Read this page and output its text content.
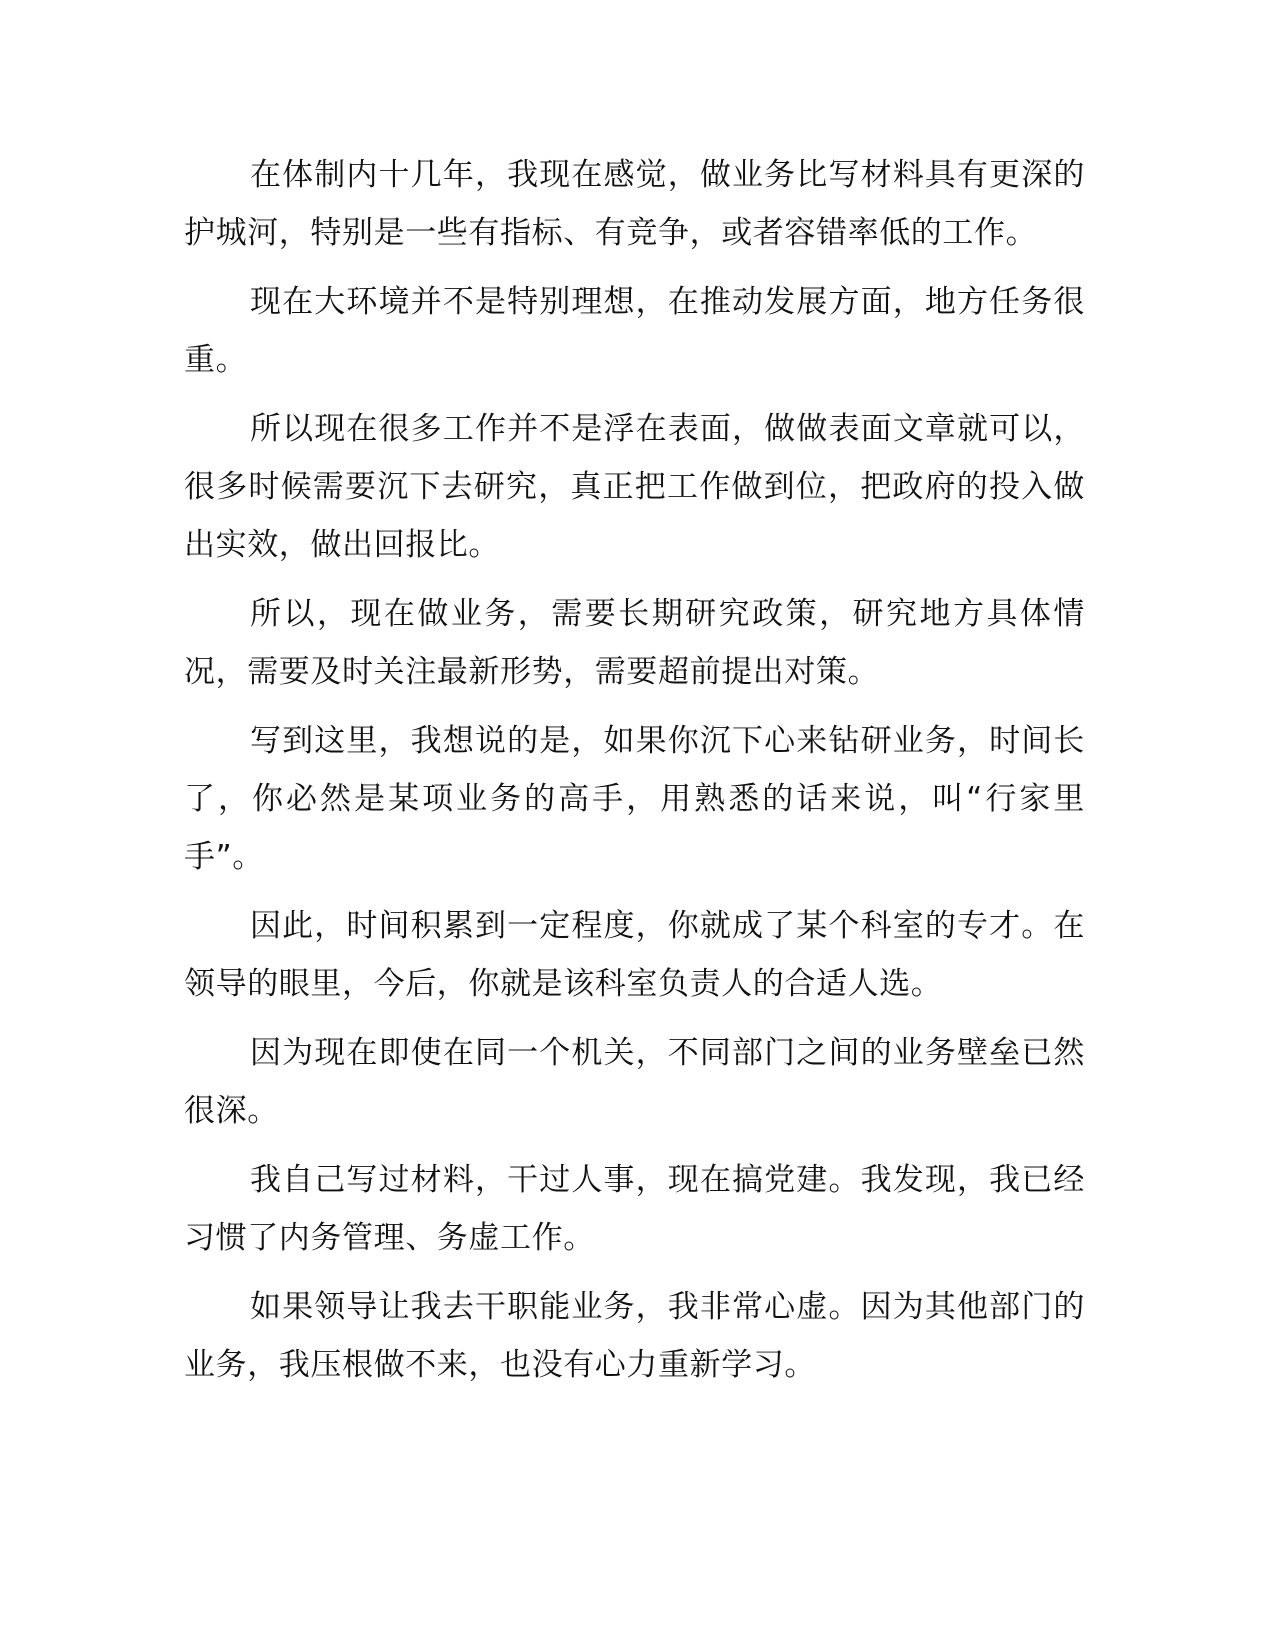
在体制内十几年，我现在感觉，做业务比写材料具有更深的护城河，特别是一些有指标、有竞争，或者容错率低的工作。

现在大环境并不是特别理想，在推动发展方面，地方任务很重。

所以现在很多工作并不是浮在表面，做做表面文章就可以，很多时候需要沉下去研究，真正把工作做到位，把政府的投入做出实效，做出回报比。

所以，现在做业务，需要长期研究政策，研究地方具体情况，需要及时关注最新形势，需要超前提出对策。

写到这里，我想说的是，如果你沉下心来钻研业务，时间长了，你必然是某项业务的高手，用熟悉的话来说，叫“行家里手”。

因此，时间积累到一定程度，你就成了某个科室的专才。在领导的眼里，今后，你就是该科室负责人的合适人选。

因为现在即使在同一个机关，不同部门之间的业务壁垒已然很深。

我自己写过材料，干过人事，现在搞党建。我发现，我已经习惯了内务管理、务虚工作。

如果领导让我去干职能业务，我非常心虚。因为其他部门的业务，我压根做不来，也没有心力重新学习。
